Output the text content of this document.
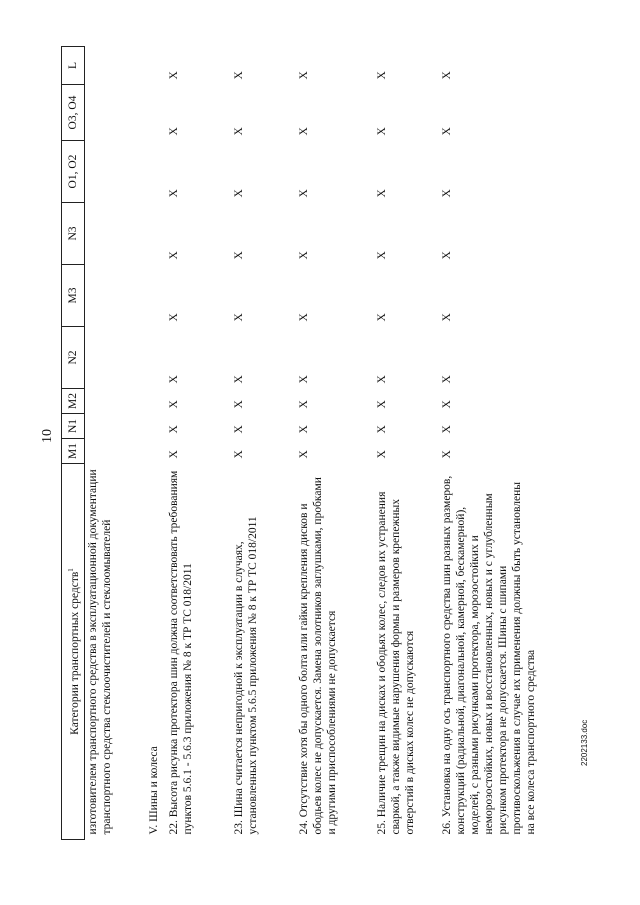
10
2202133.doc
Категории транспортных средств$^1$	M1	N1	M2	N2	M3	N3	O1, O2	O3, O4	L
изготовителем транспортного средства в эксплуатационной документации транспортного средства стеклоочистителей и стеклоомывателей									
V. Шины и колеса									
22. Высота рисунка протектора шин должна соответствовать требованиям пунктов 5.6.1 - 5.6.3 приложения № 8 к ТР ТС 018/2011	X	X	X	X	X	X	X	X	X
23. Шина считается непригодной к эксплуатации в случаях, установленных пунктом 5.6.5 приложения № 8 к ТР ТС 018/2011	X	X	X	X	X	X	X	X	X
24. Отсутствие хотя бы одного болта или гайки крепления дисков и ободьев колес не допускается. Замена золотников заглушками, пробками и другими приспособлениями не допускается	X	X	X	X	X	X	X	X	X
25. Наличие трещин на дисках и ободьях колес, следов их устранения сваркой, а также видимые нарушения формы и размеров крепежных отверстий в дисках колес не допускаются	X	X	X	X	X	X	X	X	X
26. Установка на одну ось транспортного средства шин разных размеров, конструкций (радиальной, диагональной, камерной, бескамерной), моделей, с разными рисунками протектора, морозостойких и неморозостойких, новых и восстановленных, новых и с углубленным рисунком протектора не допускается. Шины с шипами противоскольжения в случае их применения должны быть установлены на все колеса транспортного средства	X	X	X	X	X	X	X	X	X
